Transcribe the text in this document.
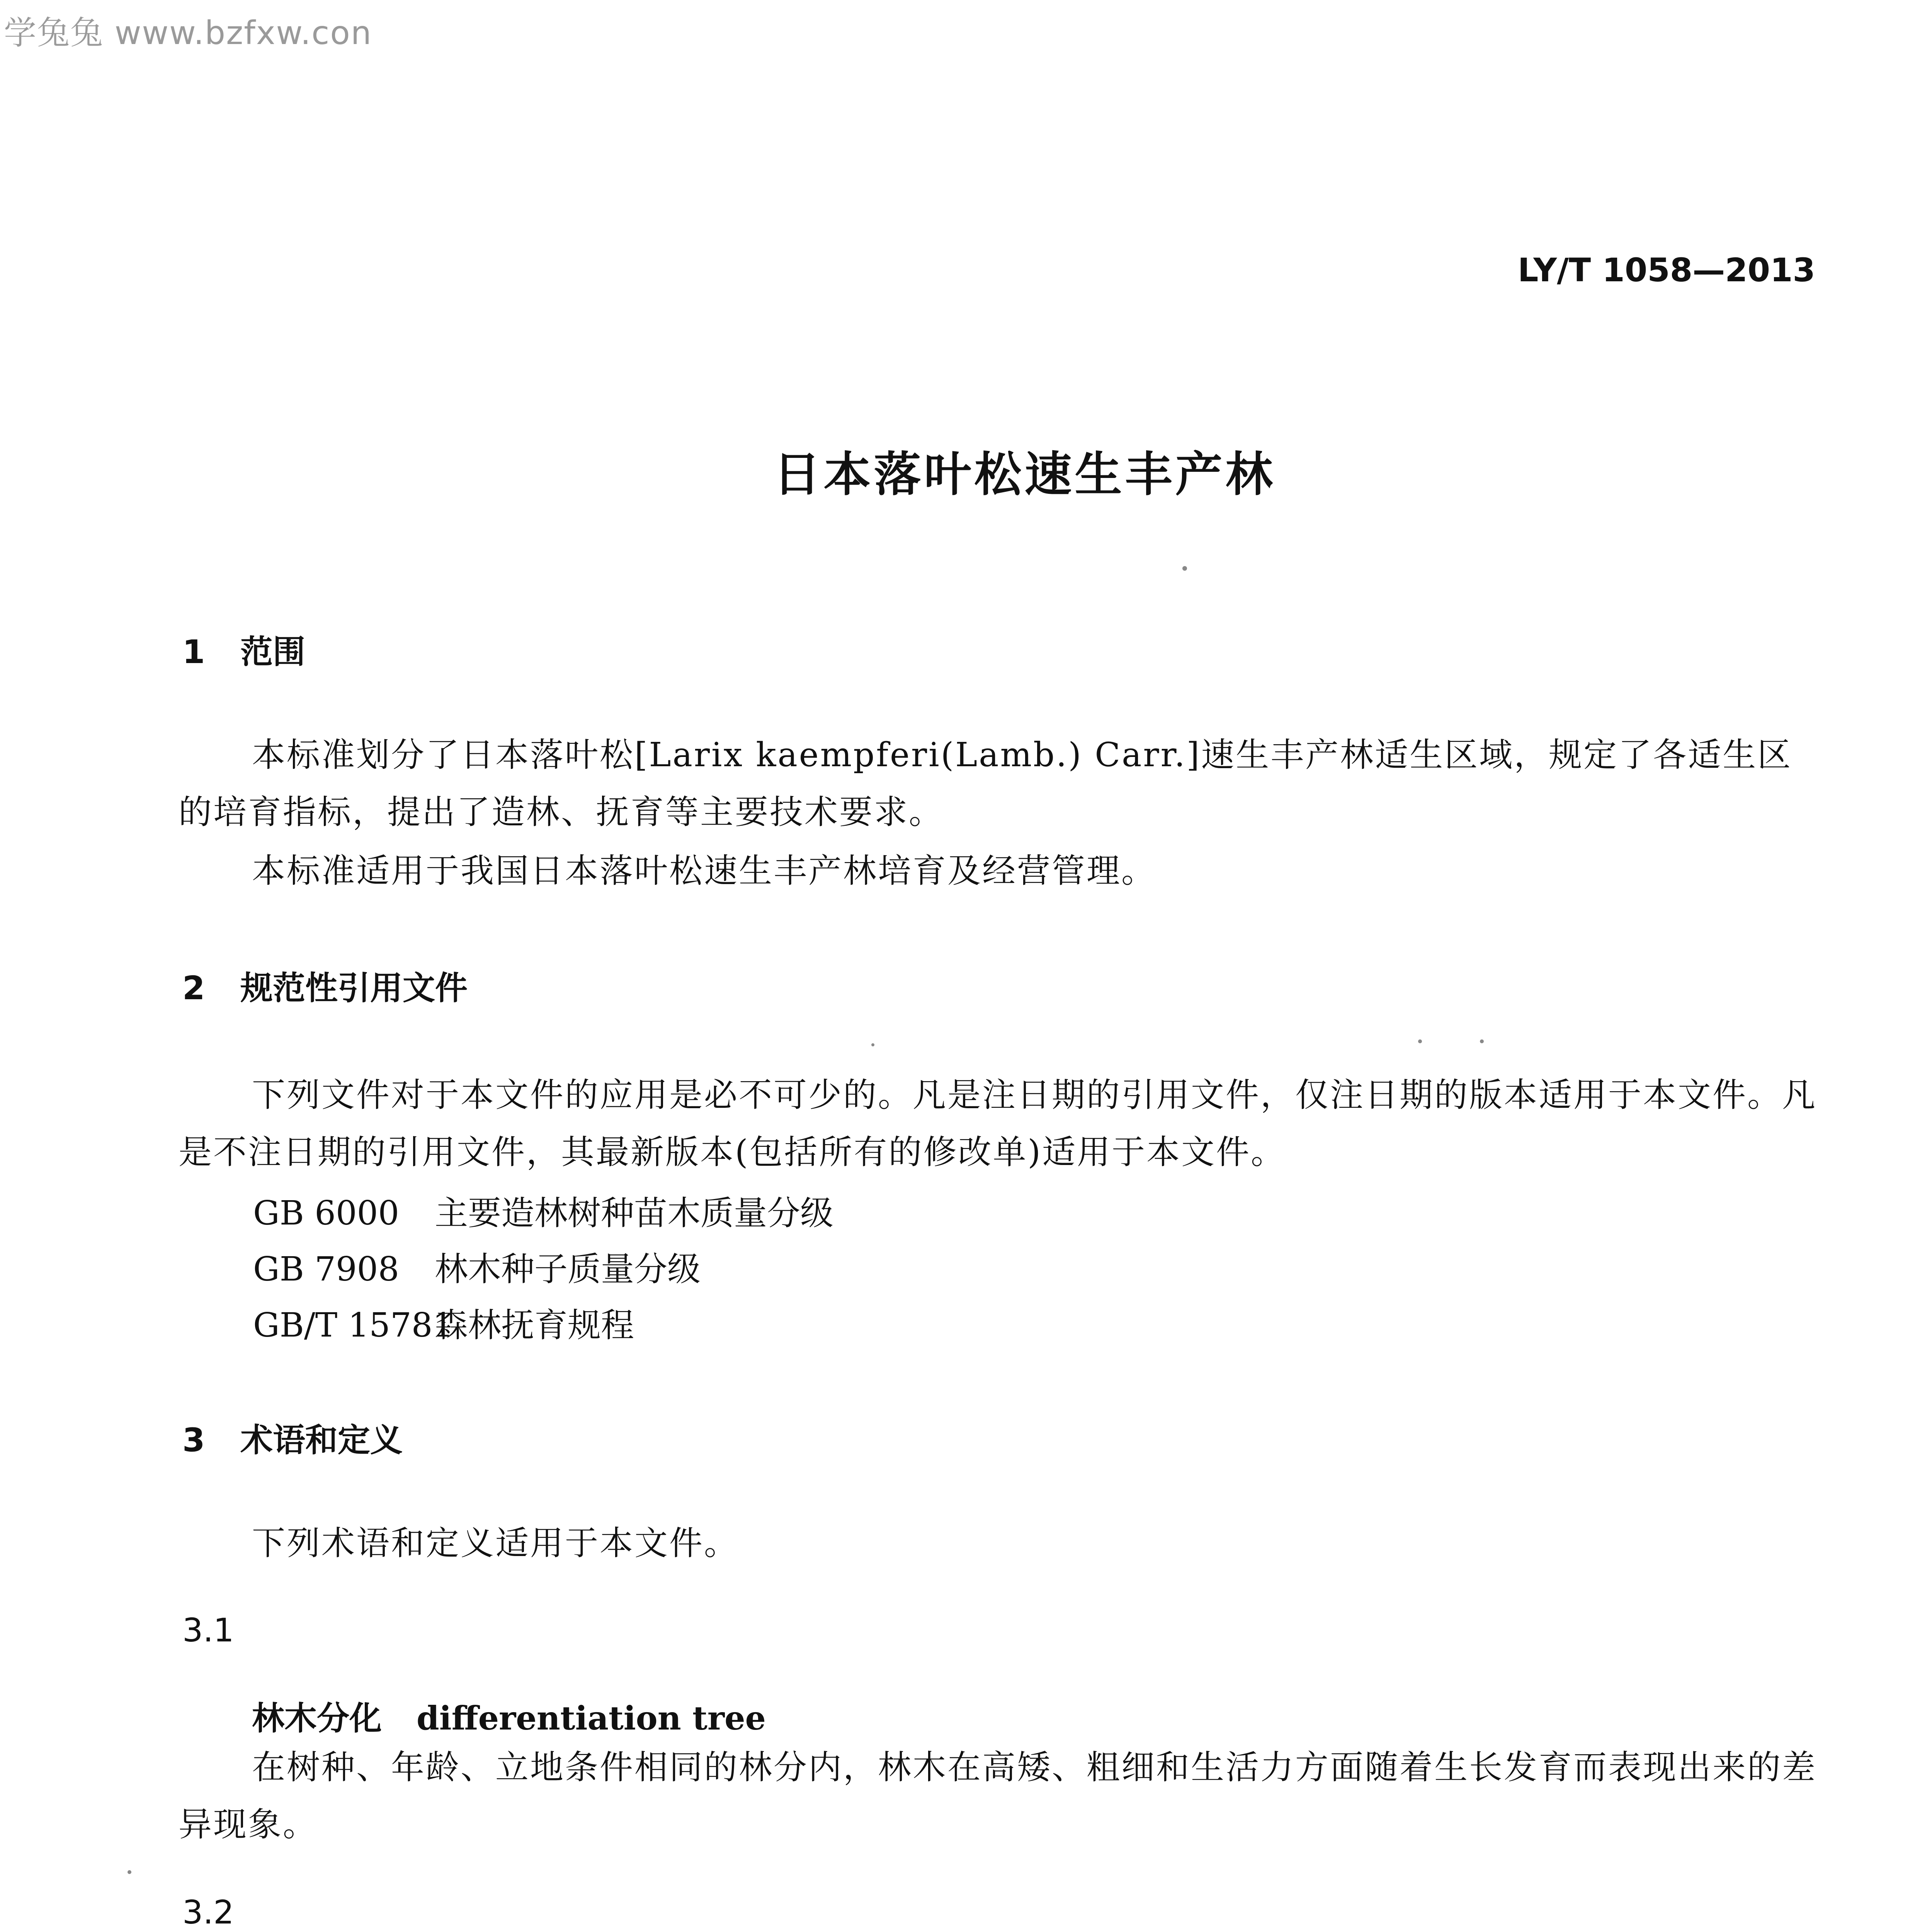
学兔兔 www.bzfxw.con
LY/T 1058—2013
日本落叶松速生丰产林
1 范围
本标准划分了日本落叶松[Larix kaempferi(Lamb.) Carr.]速生丰产林适生区域，规定了各适生区的培育指标，提出了造林、抚育等主要技术要求。
本标准适用于我国日本落叶松速生丰产林培育及经营管理。
2 规范性引用文件
下列文件对于本文件的应用是必不可少的。凡是注日期的引用文件，仅注日期的版本适用于本文件。凡是不注日期的引用文件，其最新版本(包括所有的修改单)适用于本文件。
GB 6000 主要造林树种苗木质量分级
GB 7908 林木种子质量分级
GB/T 15781森林抚育规程
3 术语和定义
下列术语和定义适用于本文件。
3.1
林木分化 differentiation tree
在树种、年龄、立地条件相同的林分内，林木在高矮、粗细和生活力方面随着生长发育而表现出来的差异现象。
3.2
